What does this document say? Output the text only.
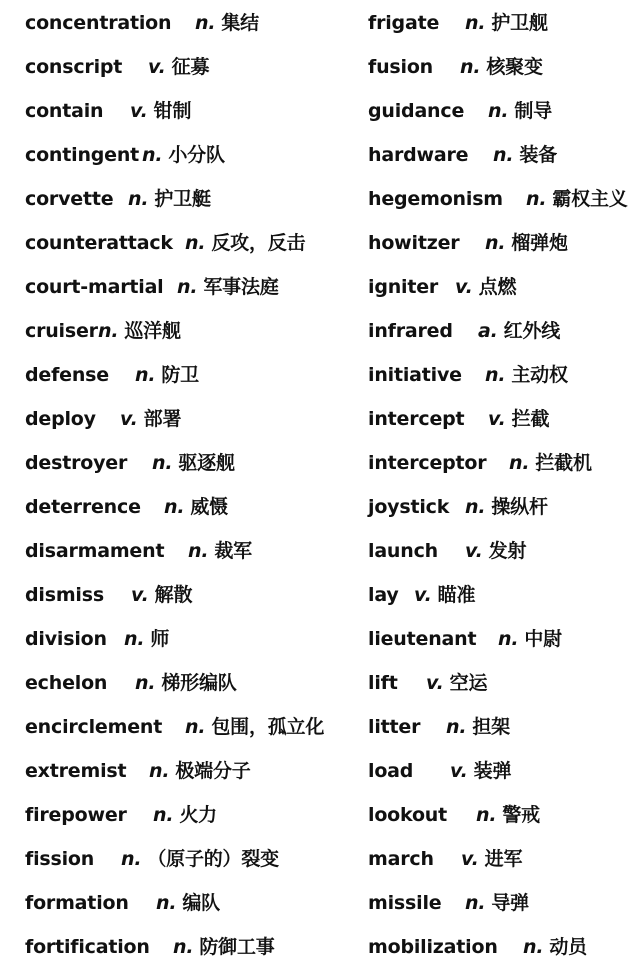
concentration n. 集结
conscript v. 征募
contain v. 钳制
contingent n. 小分队
corvette n. 护卫艇
counterattack n. 反攻，反击
court-martial n. 军事法庭
cruisern. 巡洋舰
defense n. 防卫
deploy v. 部署
destroyer n. 驱逐舰
deterrence n. 威慑
disarmament n. 裁军
dismiss v. 解散
division n. 师
echelon n. 梯形编队
encirclement n. 包围，孤立化
extremist n. 极端分子
firepower n. 火力
fission n. （原子的）裂变
formation n. 编队
fortification n. 防御工事
frigate n. 护卫舰
fusion n. 核聚变
guidance n. 制导
hardware n. 装备
hegemonism n. 霸权主义
howitzer n. 榴弹炮
igniter v. 点燃
infrared a. 红外线
initiative n. 主动权
intercept v. 拦截
interceptor n. 拦截机
joystick n. 操纵杆
launch v. 发射
lay v. 瞄准
lieutenant n. 中尉
lift v. 空运
litter n. 担架
load v. 装弹
lookout n. 警戒
march v. 进军
missile n. 导弹
mobilization n. 动员
